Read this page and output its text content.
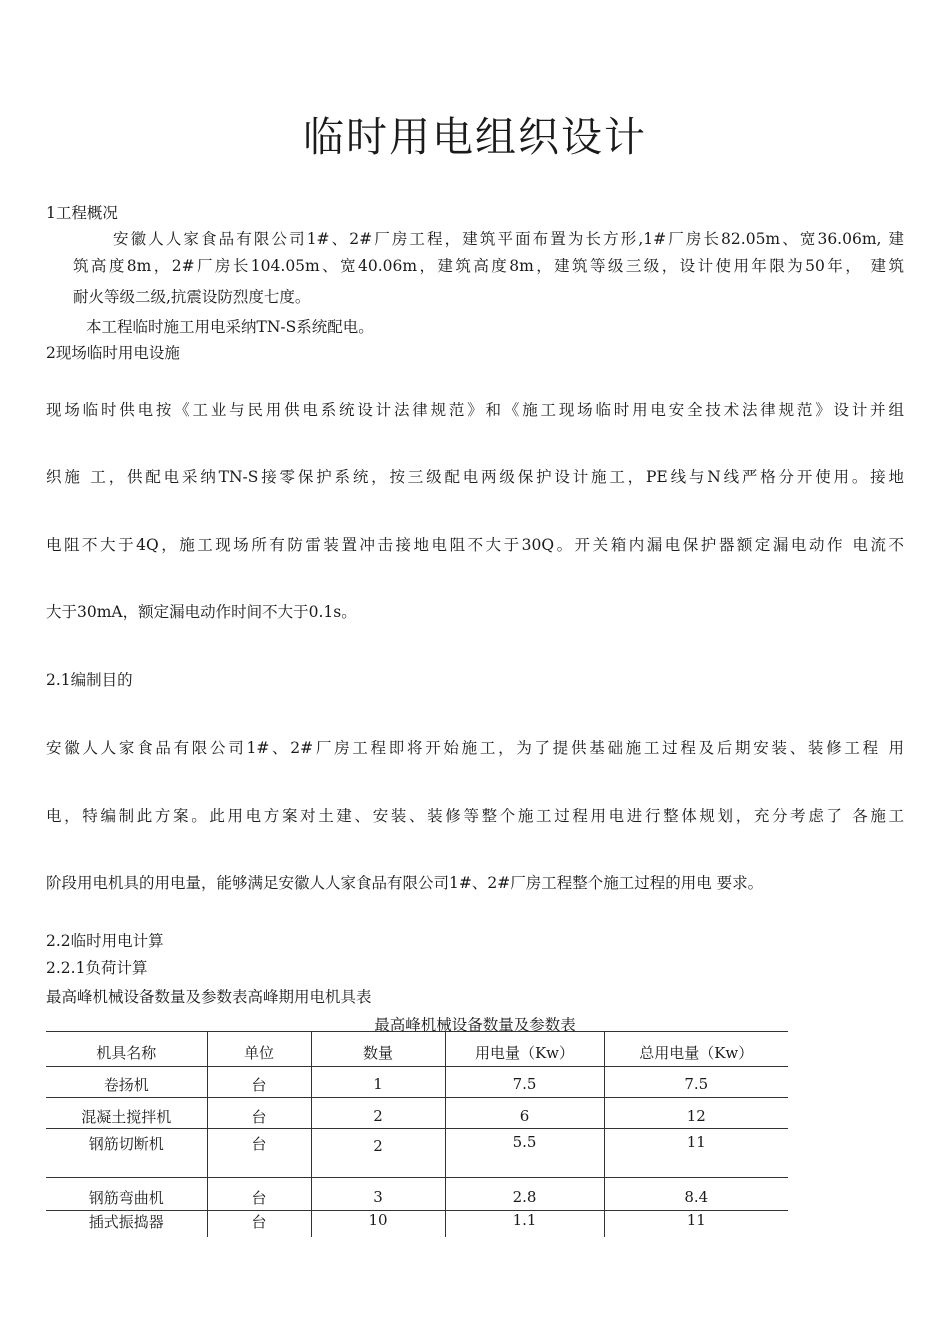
临时用电组织设计
1工程概况
安徽人人家食品有限公司1#、2#厂房工程，建筑平面布置为长方形,1#厂房长82.05m、宽36.06m, 建
筑高度8m，2#厂房长104.05m、宽40.06m，建筑高度8m，建筑等级三级，设计使用年限为50年， 建筑
耐火等级二级,抗震设防烈度七度。
本工程临时施工用电采纳TN-S系统配电。
2现场临时用电设施
现场临时供电按《工业与民用供电系统设计法律规范》和《施工现场临时用电安全技术法律规范》设计并组
织施 工，供配电采纳TN-S接零保护系统，按三级配电两级保护设计施工，PE线与N线严格分开使用。接地
电阻不大于4Q，施工现场所有防雷装置冲击接地电阻不大于30Q。开关箱内漏电保护器额定漏电动作 电流不
大于30mA，额定漏电动作时间不大于0.1s。
2.1编制目的
安徽人人家食品有限公司1#、2#厂房工程即将开始施工，为了提供基础施工过程及后期安装、装修工程 用
电，特编制此方案。此用电方案对土建、安装、装修等整个施工过程用电进行整体规划，充分考虑了 各施工
阶段用电机具的用电量，能够满足安徽人人家食品有限公司1#、2#厂房工程整个施工过程的用电 要求。
2.2临时用电计算
2.2.1负荷计算
最高峰机械设备数量及参数表高峰期用电机具表
最高峰机械设备数量及参数表
机具名称	单位	数量	用电量（Kw）	总用电量（Kw）
卷扬机	台	1	7.5	7.5
混凝土搅拌机	台	2	6	12
钢筋切断机	台	2	5.5	11
钢筋弯曲机	台	3	2.8	8.4
插式振捣器	台	10	1.1	11
